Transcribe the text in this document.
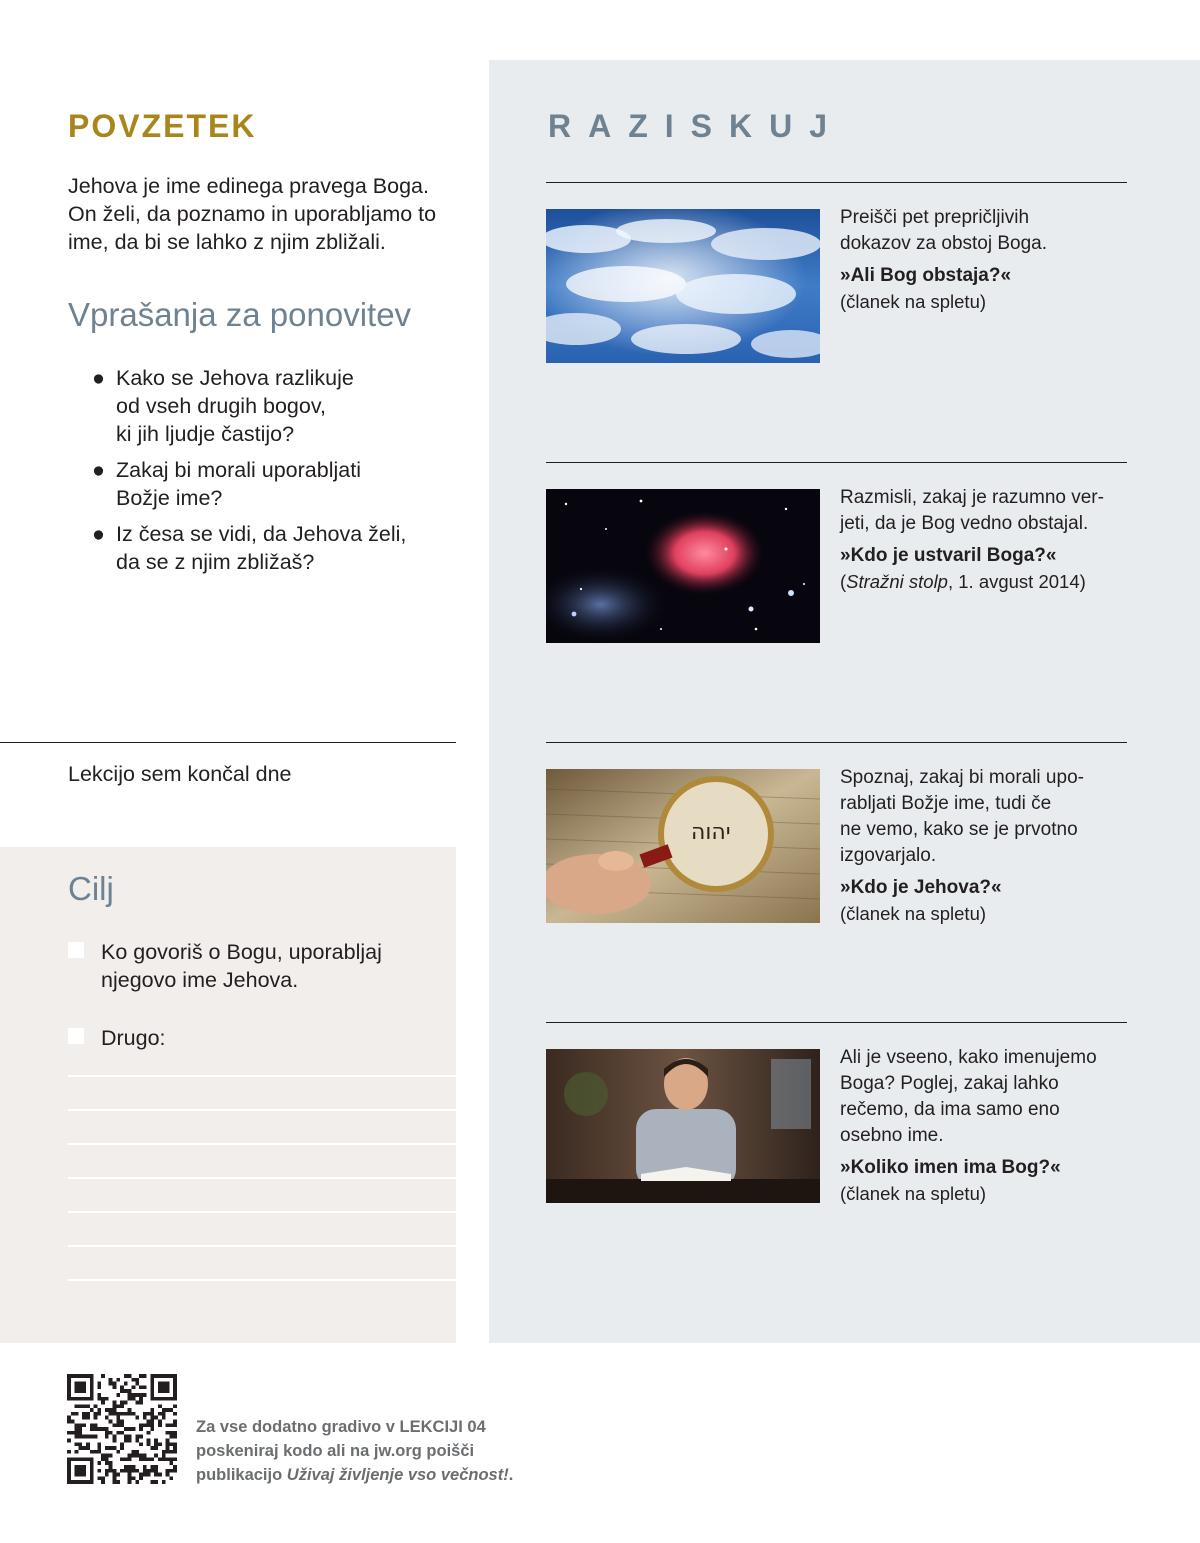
POVZETEK
Jehova je ime edinega pravega Boga. On želi, da poznamo in uporabljamo to ime, da bi se lahko z njim zbližali.
Vprašanja za ponovitev
● Kako se Jehova razlikuje
od vseh drugih bogov,
ki jih ljudje častijo?
● Zakaj bi morali uporabljati
Božje ime?
● Iz česa se vidi, da Jehova želi,
da se z njim zbližaš?
Lekcijo sem končal dne
Cilj
Ko govoriš o Bogu, uporabljaj njegovo ime Jehova.
Drugo:
RAZISKUJ

Preišči pet prepričljivih
dokazov za obstoj Boga.

»Ali Bog obstaja?«

(članek na spletu)

Razmisli, zakaj je razumno ver-
jeti, da je Bog vedno obstajal.

»Kdo je ustvaril Boga?«

(Stražni stolp, 1. avgust 2014)

יהוה

Spoznaj, zakaj bi morali upo-
rabljati Božje ime, tudi če
ne vemo, kako se je prvotno
izgovarjalo.

»Kdo je Jehova?«

(članek na spletu)

Ali je vseeno, kako imenujemo
Boga? Poglej, zakaj lahko
rečemo, da ima samo eno
osebno ime.

»Koliko imen ima Bog?«

(članek na spletu)

Za vse dodatno gradivo v LEKCIJI 04
poskeniraj kodo ali na jw.org poišči
publikacijo Uživaj življenje vso večnost!.
